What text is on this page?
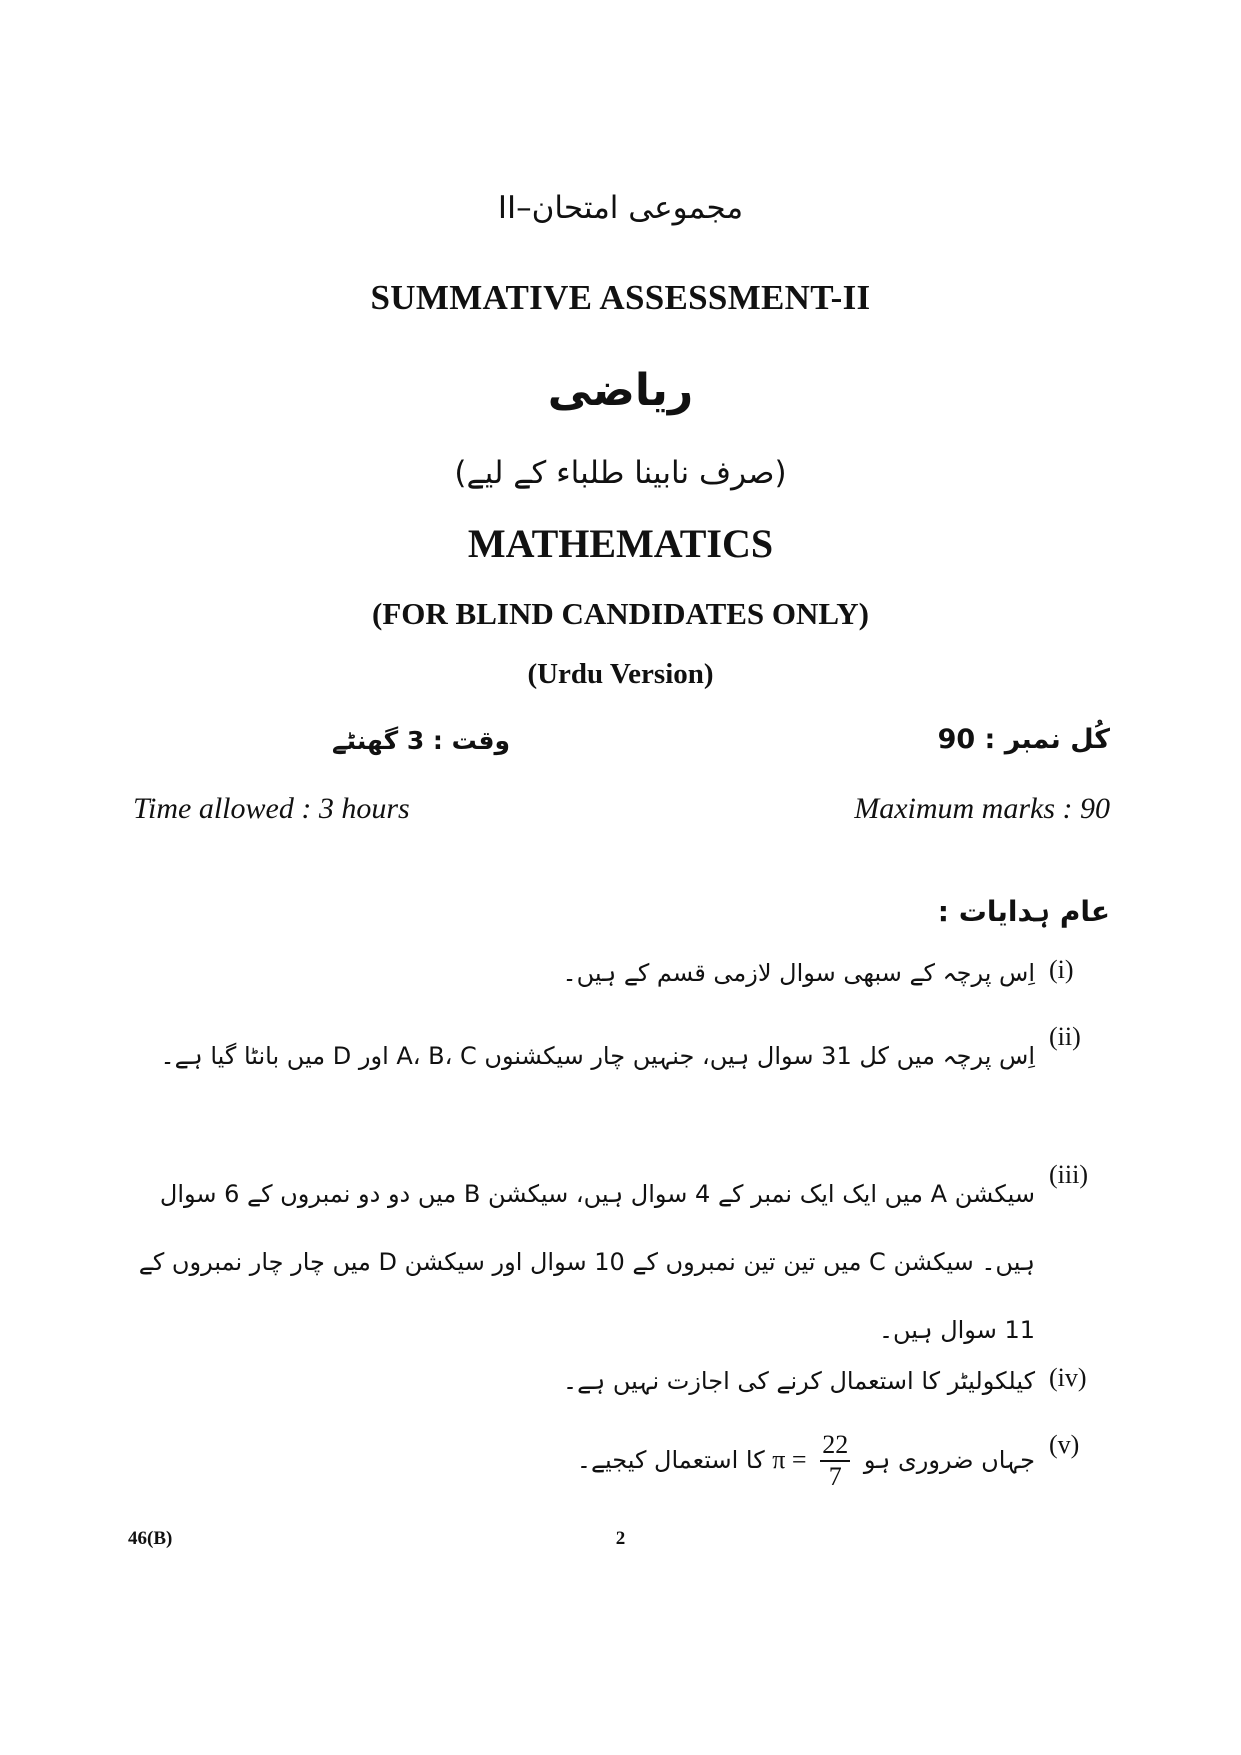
مجموعی امتحان–II
SUMMATIVE ASSESSMENT-II
ریاضی
(صرف نابینا طلباء کے لیے)
MATHEMATICS
(FOR BLIND CANDIDATES ONLY)
(Urdu Version)
وقت : 3 گھنٹے	کُل نمبر : 90
Time allowed : 3 hours	Maximum marks : 90
عام ہدایات :
(i)
اِس پرچہ کے سبھی سوال لازمی قسم کے ہیں۔
(ii)
اِس پرچہ میں کل 31 سوال ہیں، جنہیں چار سیکشنوں A، B، C اور D میں بانٹا گیا ہے۔
(iii)
سیکشن A میں ایک ایک نمبر کے 4 سوال ہیں، سیکشن B میں دو دو نمبروں کے 6 سوال ہیں۔ سیکشن C میں تین تین نمبروں کے 10 سوال اور سیکشن D میں چار چار نمبروں کے 11 سوال ہیں۔
(iv)
کیلکولیٹر کا استعمال کرنے کی اجازت نہیں ہے۔
(v)
جہاں ضروری ہو
$\frac{22}{7}$
π = کا استعمال کیجیے۔
46(B)	2
